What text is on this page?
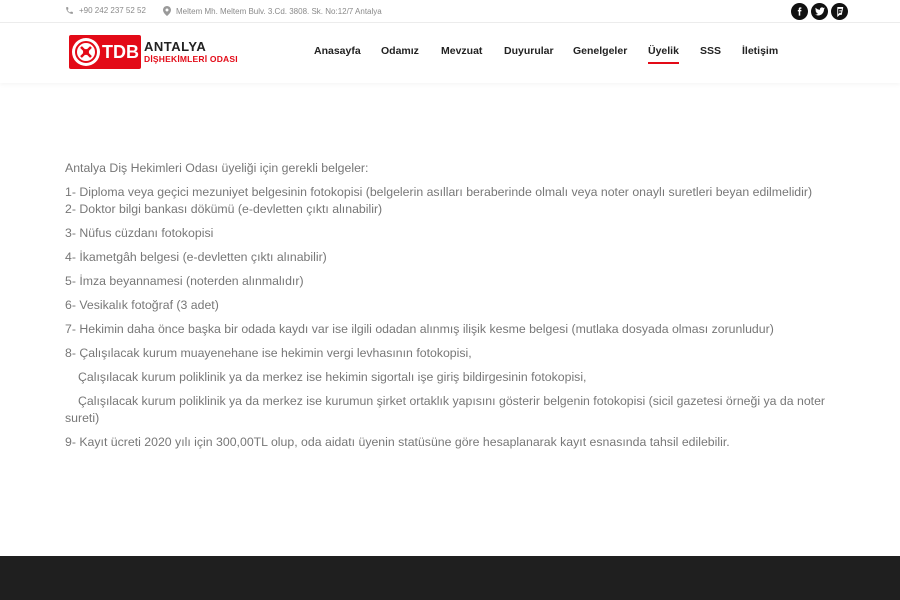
+90 242 237 52 52	Meltem Mh. Meltem Bulv. 3.Cd. 3808. Sk. No:12/7 Antalya
TDB ANTALYA
DİŞHEKİMLERİ ODASI
Anasayfa Odamız Mevzuat Duyurular Genelgeler Üyelik SSS İletişim

Antalya Diş Hekimleri Odası üyeliği için gerekli belgeler:

1- Diploma veya geçici mezuniyet belgesinin fotokopisi (belgelerin asılları beraberinde olmalı veya noter onaylı suretleri beyan edilmelidir)

2- Doktor bilgi bankası dökümü (e-devletten çıktı alınabilir)

3- Nüfus cüzdanı fotokopisi

4- İkametgâh belgesi (e-devletten çıktı alınabilir)

5- İmza beyannamesi (noterden alınmalıdır)

6- Vesikalık fotoğraf (3 adet)

7- Hekimin daha önce başka bir odada kaydı var ise ilgili odadan alınmış ilişik kesme belgesi (mutlaka dosyada olması zorunludur)

8- Çalışılacak kurum muayenehane ise hekimin vergi levhasının fotokopisi,

Çalışılacak kurum poliklinik ya da merkez ise hekimin sigortalı işe giriş bildirgesinin fotokopisi,

Çalışılacak kurum poliklinik ya da merkez ise kurumun şirket ortaklık yapısını gösterir belgenin fotokopisi (sicil gazetesi örneği ya da noter sureti)

9- Kayıt ücreti 2020 yılı için 300,00TL olup, oda aidatı üyenin statüsüne göre hesaplanarak kayıt esnasında tahsil edilebilir.
